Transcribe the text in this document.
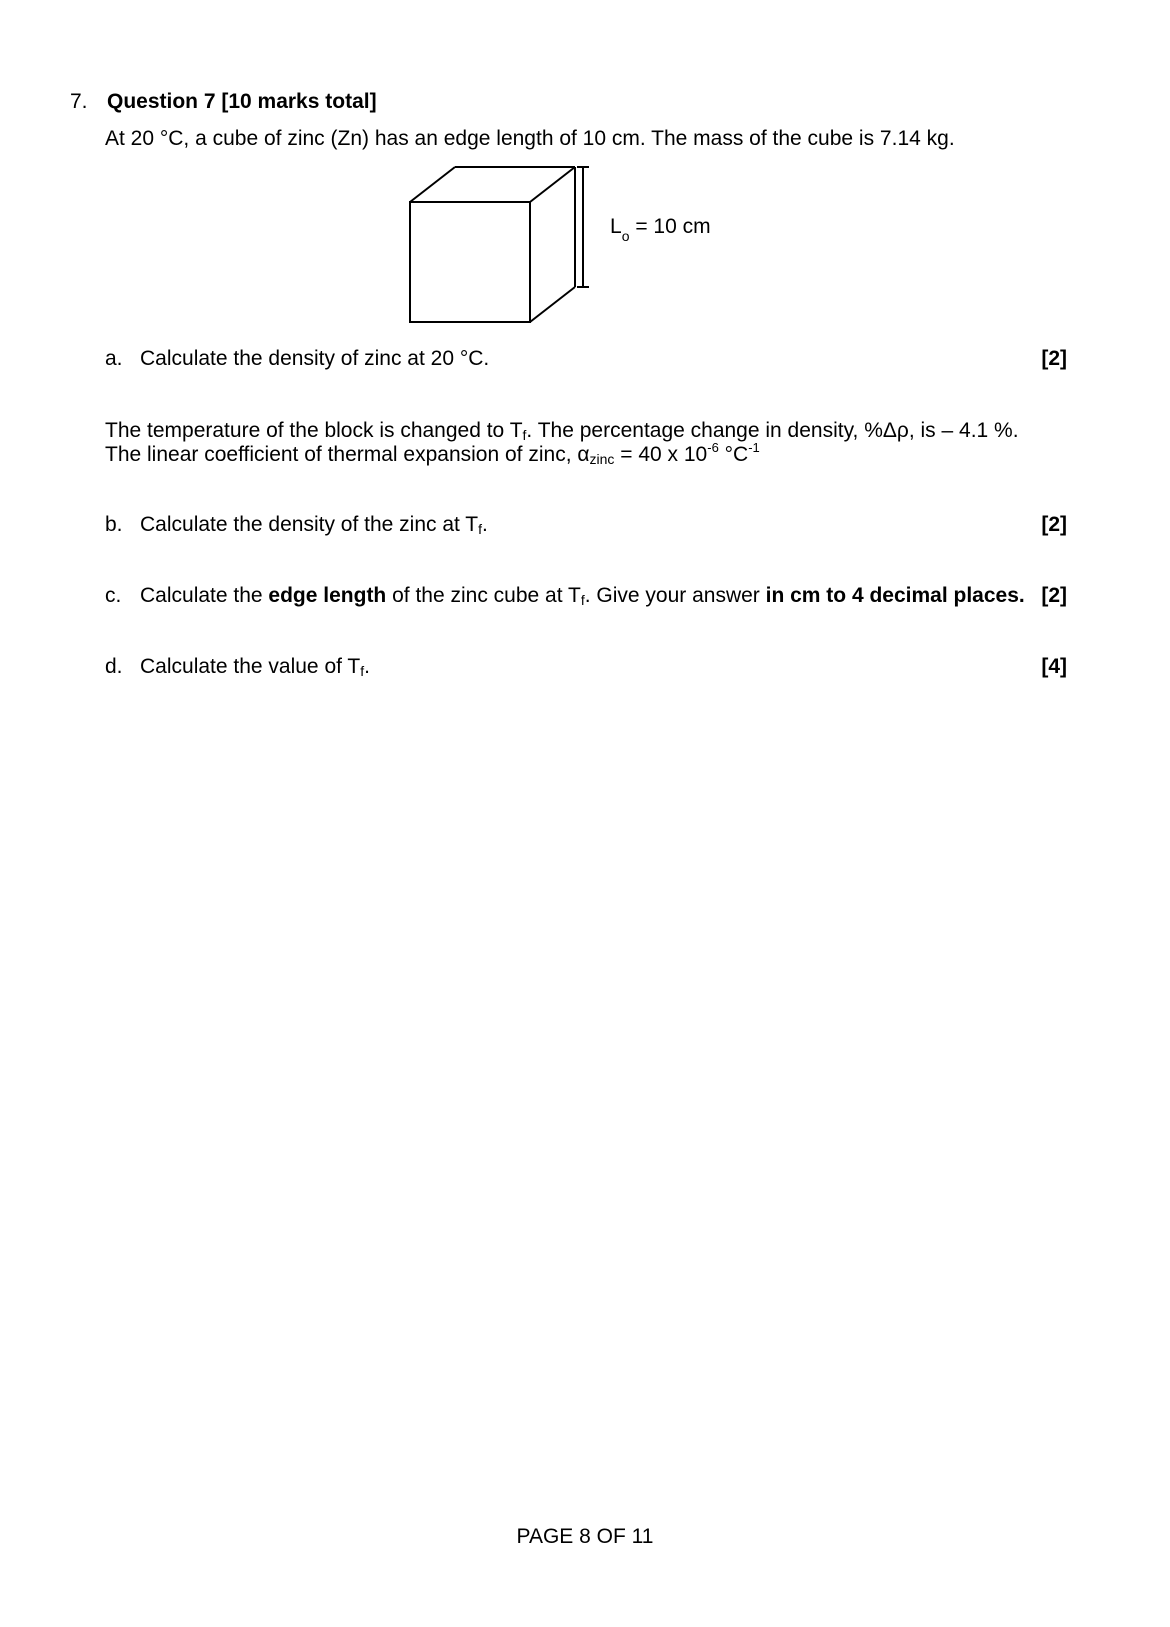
7. Question 7 [10 marks total]
At 20 °C, a cube of zinc (Zn) has an edge length of 10 cm. The mass of the cube is 7.14 kg.
$L_o = 10$ cm
a. Calculate the density of zinc at 20 °C.	[2]
The temperature of the block is changed to Tf. The percentage change in density, %Δρ, is – 4.1 %.
The linear coefficient of thermal expansion of zinc, αzinc = 40 x $10^{-6}$ $^\circ C^{-1}$
b. Calculate the density of the zinc at Tf.	[2]
c. Calculate the edge length of the zinc cube at Tf. Give your answer in cm to 4 decimal places. [2]
d. Calculate the value of Tf.	[4]
PAGE 8 OF 11
